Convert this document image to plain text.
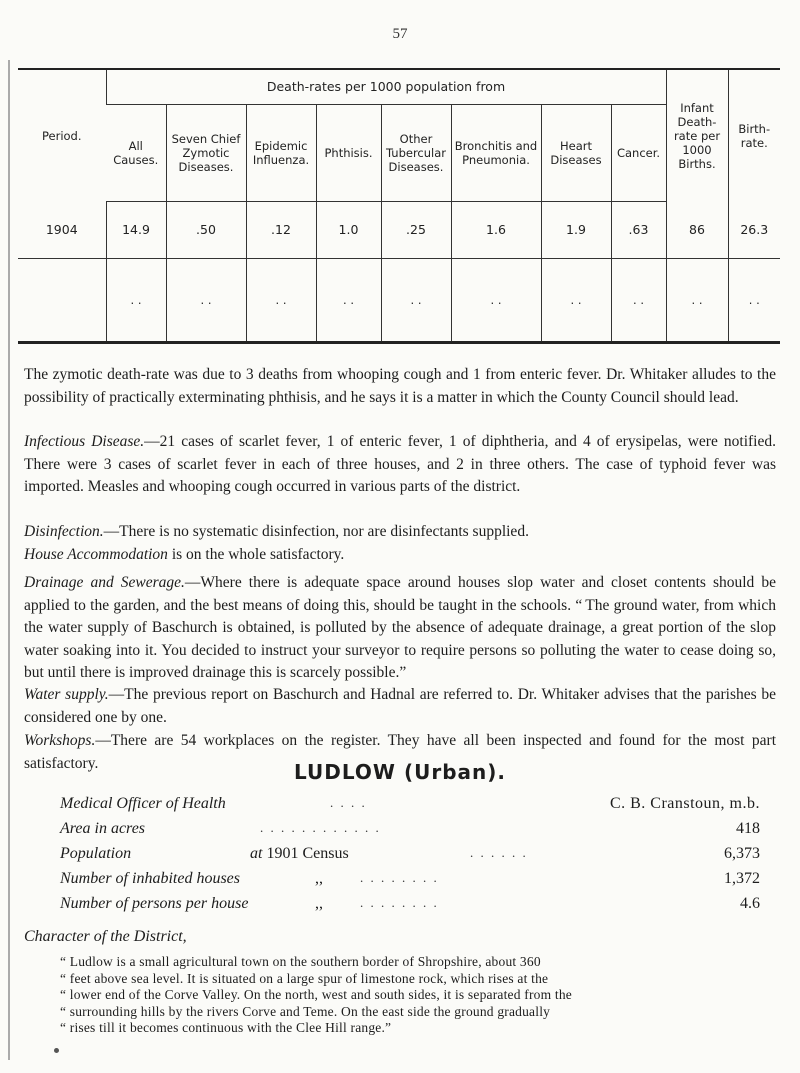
57
Period.	Death-rates per 1000 population from								Infant Death-rate per 1000 Births.	Birth-rate.
	All Causes.	Seven Chief Zymotic Diseases.	Epidemic Influenza.	Phthisis.	Other Tubercular Diseases.	Bronchitis and Pneumonia.	Heart Diseases	Cancer.		
1904	14.9	.50	.12	1.0	.25	1.6	1.9	.63	86	26.3
	. .	. .	. .	. .	. .	. .	. .	. .	. .	. .

The zymotic death-rate was due to 3 deaths from whooping cough and 1 from enteric fever. Dr. Whitaker alludes to the possibility of practically exterminating phthisis, and he says it is a matter in which the County Council should lead.

Infectious Disease.—21 cases of scarlet fever, 1 of enteric fever, 1 of diphtheria, and 4 of erysipelas, were notified. There were 3 cases of scarlet fever in each of three houses, and 2 in three others. The case of typhoid fever was imported. Measles and whooping cough occurred in various parts of the district.

Disinfection.—There is no systematic disinfection, nor are disinfectants supplied.

House Accommodation is on the whole satisfactory.

Drainage and Sewerage.—Where there is adequate space around houses slop water and closet contents should be applied to the garden, and the best means of doing this, should be taught in the schools. “ The ground water, from which the water supply of Baschurch is obtained, is polluted by the absence of adequate drainage, a great portion of the slop water soaking into it. You decided to instruct your surveyor to require persons so polluting the water to cease doing so, but until there is improved drainage this is scarcely possible.”

Water supply.—The previous report on Baschurch and Hadnal are referred to. Dr. Whitaker advises that the parishes be considered one by one.

Workshops.—There are 54 workplaces on the register. They have all been inspected and found for the most part satisfactory.	LUDLOW (Urban).
Medical Officer of Health	. . . .	C. B. Cranstoun, m.b.
Area in acres	. . . . . . . . . . . .	418
Population	at 1901 Census	. . . . . .	6,373
Number of inhabited houses	,,	. . . . . . . .	1,372
Number of persons per house	,,	. . . . . . . .	4.6
Character of the District,
“ Ludlow is a small agricultural town on the southern border of Shropshire, about 360
“ feet above sea level. It is situated on a large spur of limestone rock, which rises at the
“ lower end of the Corve Valley. On the north, west and south sides, it is separated from the
“ surrounding hills by the rivers Corve and Teme. On the east side the ground gradually
“ rises till it becomes continuous with the Clee Hill range.”
